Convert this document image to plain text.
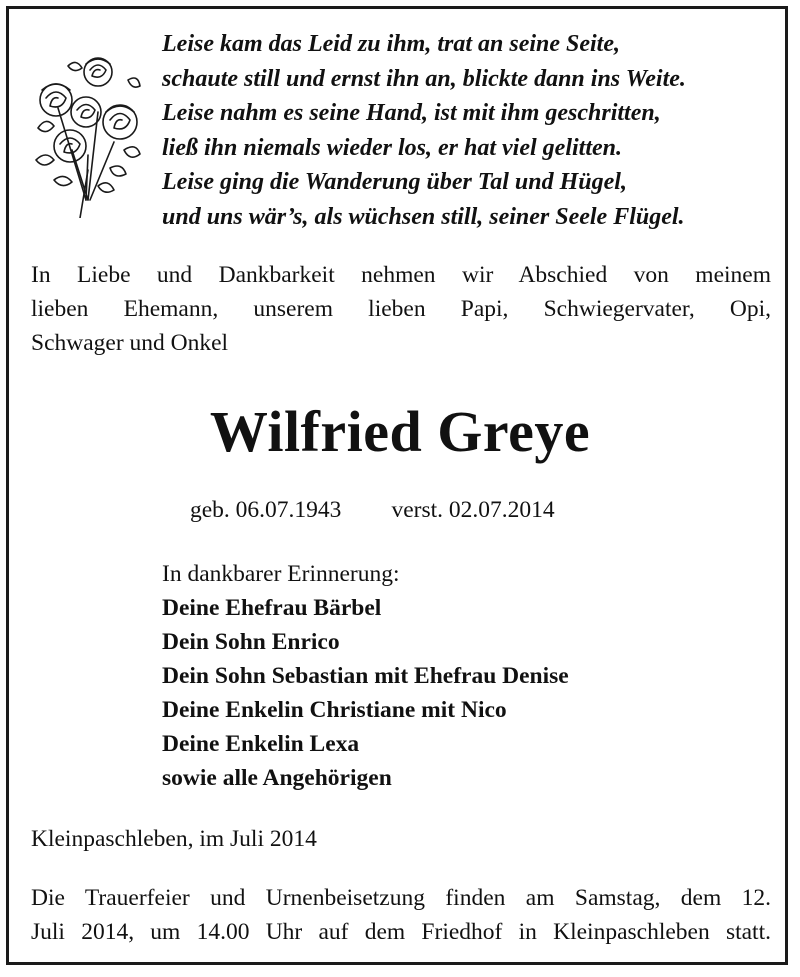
Leise kam das Leid zu ihm, trat an seine Seite,
schaute still und ernst ihn an, blickte dann ins Weite.
Leise nahm es seine Hand, ist mit ihm geschritten,
ließ ihn niemals wieder los, er hat viel gelitten.
Leise ging die Wanderung über Tal und Hügel,
und uns wär’s, als wüchsen still, seiner Seele Flügel.
In Liebe und Dankbarkeit nehmen wir Abschied von meinem
lieben Ehemann, unserem lieben Papi, Schwiegervater, Opi,
Schwager und Onkel
Wilfried Greye
geb. 06.07.1943 verst. 02.07.2014
In dankbarer Erinnerung:
Deine Ehefrau Bärbel
Dein Sohn Enrico
Dein Sohn Sebastian mit Ehefrau Denise
Deine Enkelin Christiane mit Nico
Deine Enkelin Lexa
sowie alle Angehörigen
Kleinpaschleben, im Juli 2014
Die Trauerfeier und Urnenbeisetzung finden am Samstag, dem 12.
Juli 2014, um 14.00 Uhr auf dem Friedhof in Kleinpaschleben statt.
